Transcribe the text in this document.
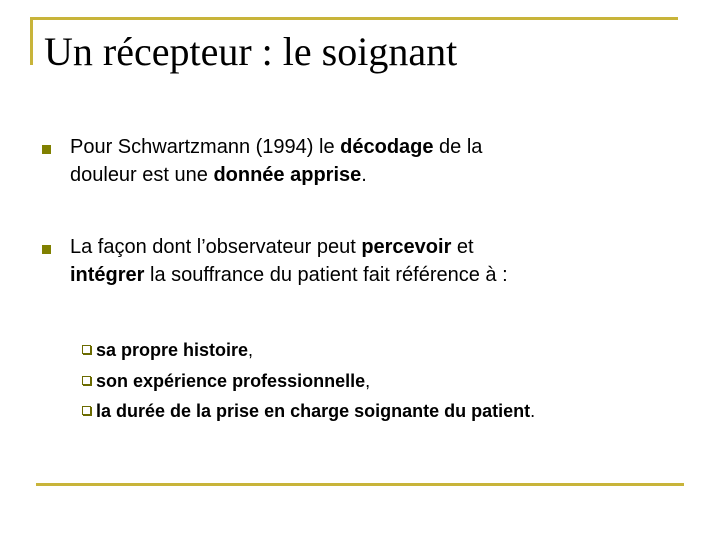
Un récepteur : le soignant

Pour Schwartzmann (1994) le décodage de la
douleur est une donnée apprise.

La façon dont l’observateur peut percevoir et
intégrer la souffrance du patient fait référence à :

sa propre histoire,
son expérience professionnelle,
la durée de la prise en charge soignante du patient.
